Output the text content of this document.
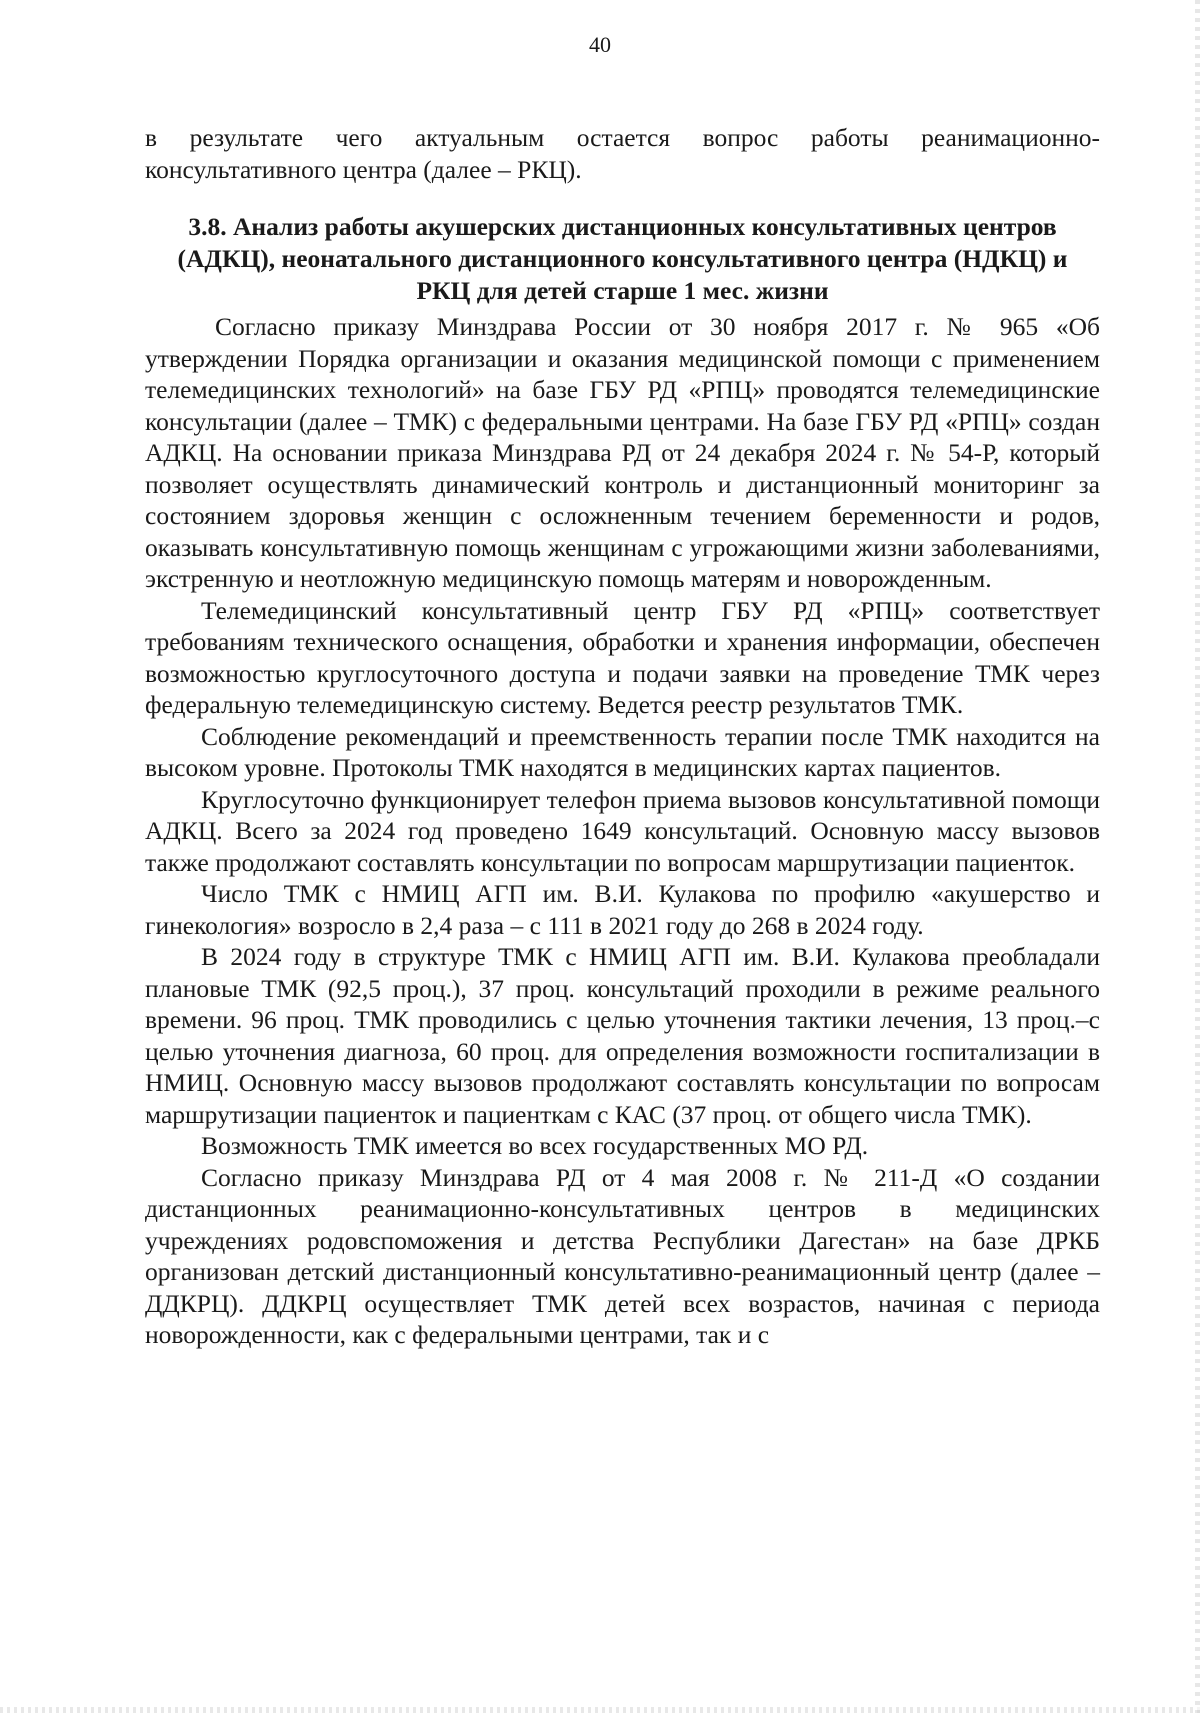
40

в результате чего актуальным остается вопрос работы реанимационно-консультативного центра (далее – РКЦ).

3.8. Анализ работы акушерских дистанционных консультативных центров (АДКЦ), неонатального дистанционного консультативного центра (НДКЦ) и РКЦ для детей старше 1 мес. жизни

Согласно приказу Минздрава России от 30 ноября 2017 г. № 965 «Об утверждении Порядка организации и оказания медицинской помощи с применением телемедицинских технологий» на базе ГБУ РД «РПЦ» проводятся телемедицинские консультации (далее – ТМК) с федеральными центрами. На базе ГБУ РД «РПЦ» создан АДКЦ. На основании приказа Минздрава РД от 24 декабря 2024 г. № 54-Р, который позволяет осуществлять динамический контроль и дистанционный мониторинг за состоянием здоровья женщин с осложненным течением беременности и родов, оказывать консультативную помощь женщинам с угрожающими жизни заболеваниями, экстренную и неотложную медицинскую помощь матерям и новорожденным.

Телемедицинский консультативный центр ГБУ РД «РПЦ» соответствует требованиям технического оснащения, обработки и хранения информации, обеспечен возможностью круглосуточного доступа и подачи заявки на проведение ТМК через федеральную телемедицинскую систему. Ведется реестр результатов ТМК.

Соблюдение рекомендаций и преемственность терапии после ТМК находится на высоком уровне. Протоколы ТМК находятся в медицинских картах пациентов.

Круглосуточно функционирует телефон приема вызовов консультативной помощи АДКЦ. Всего за 2024 год проведено 1649 консультаций. Основную массу вызовов также продолжают составлять консультации по вопросам маршрутизации пациенток.

Число ТМК с НМИЦ АГП им. В.И. Кулакова по профилю «акушерство и гинекология» возросло в 2,4 раза – с 111 в 2021 году до 268 в 2024 году.

В 2024 году в структуре ТМК с НМИЦ АГП им. В.И. Кулакова преобладали плановые ТМК (92,5 проц.), 37 проц. консультаций проходили в режиме реального времени. 96 проц. ТМК проводились с целью уточнения тактики лечения, 13 проц.–с целью уточнения диагноза, 60 проц. для определения возможности госпитализации в НМИЦ. Основную массу вызовов продолжают составлять консультации по вопросам маршрутизации пациенток и пациенткам с КАС (37 проц. от общего числа ТМК).

Возможность ТМК имеется во всех государственных МО РД.

Согласно приказу Минздрава РД от 4 мая 2008 г. № 211-Д «О создании дистанционных реанимационно-консультативных центров в медицинских учреждениях родовспоможения и детства Республики Дагестан» на базе ДРКБ организован детский дистанционный консультативно-реанимационный центр (далее – ДДКРЦ). ДДКРЦ осуществляет ТМК детей всех возрастов, начиная с периода новорожденности, как с федеральными центрами, так и с
